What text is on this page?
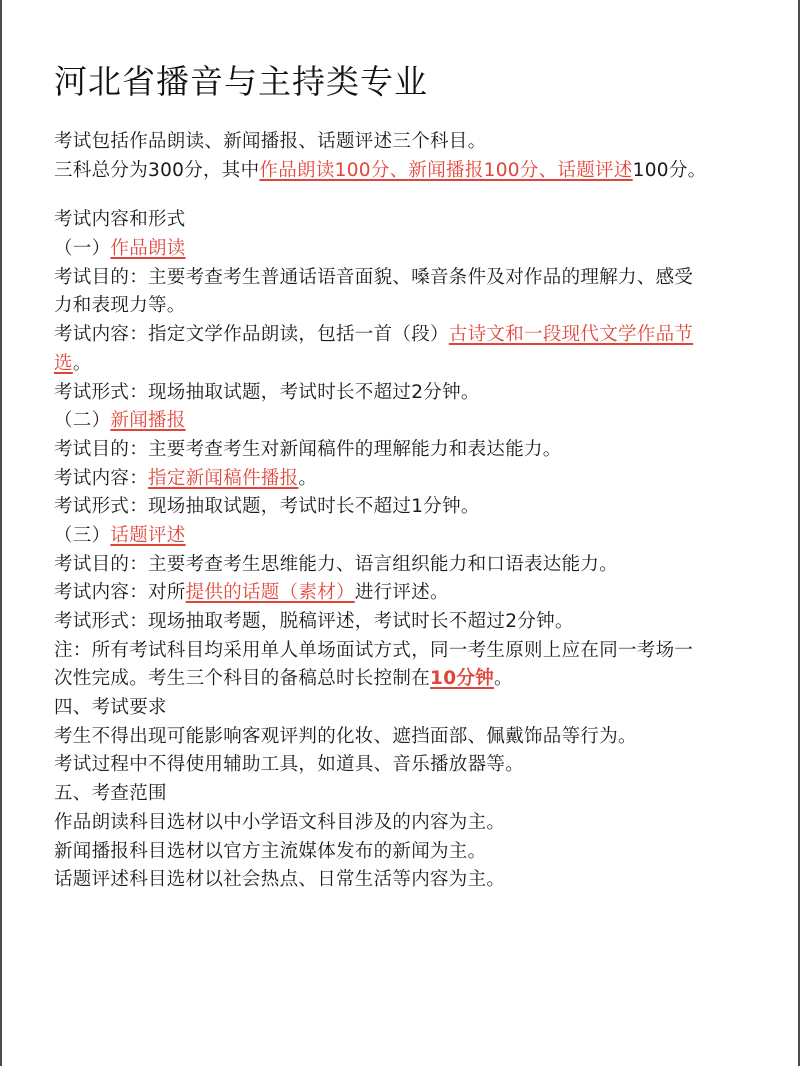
河北省播音与主持类专业
考试包括作品朗读、新闻播报、话题评述三个科目。
三科总分为300分，其中作品朗读100分、新闻播报100分、话题评述100分。
考试内容和形式
（一）作品朗读
考试目的：主要考查考生普通话语音面貌、嗓音条件及对作品的理解力、感受
力和表现力等。
考试内容：指定文学作品朗读，包括一首（段）古诗文和一段现代文学作品节
选。
考试形式：现场抽取试题，考试时长不超过2分钟。
（二）新闻播报
考试目的：主要考查考生对新闻稿件的理解能力和表达能力。
考试内容：指定新闻稿件播报。
考试形式：现场抽取试题，考试时长不超过1分钟。
（三）话题评述
考试目的：主要考查考生思维能力、语言组织能力和口语表达能力。
考试内容：对所提供的话题（素材）进行评述。
考试形式：现场抽取考题，脱稿评述，考试时长不超过2分钟。
注：所有考试科目均采用单人单场面试方式，同一考生原则上应在同一考场一
次性完成。考生三个科目的备稿总时长控制在10分钟。
四、考试要求
考生不得出现可能影响客观评判的化妆、遮挡面部、佩戴饰品等行为。
考试过程中不得使用辅助工具，如道具、音乐播放器等。
五、考查范围
作品朗读科目选材以中小学语文科目涉及的内容为主。
新闻播报科目选材以官方主流媒体发布的新闻为主。
话题评述科目选材以社会热点、日常生活等内容为主。
